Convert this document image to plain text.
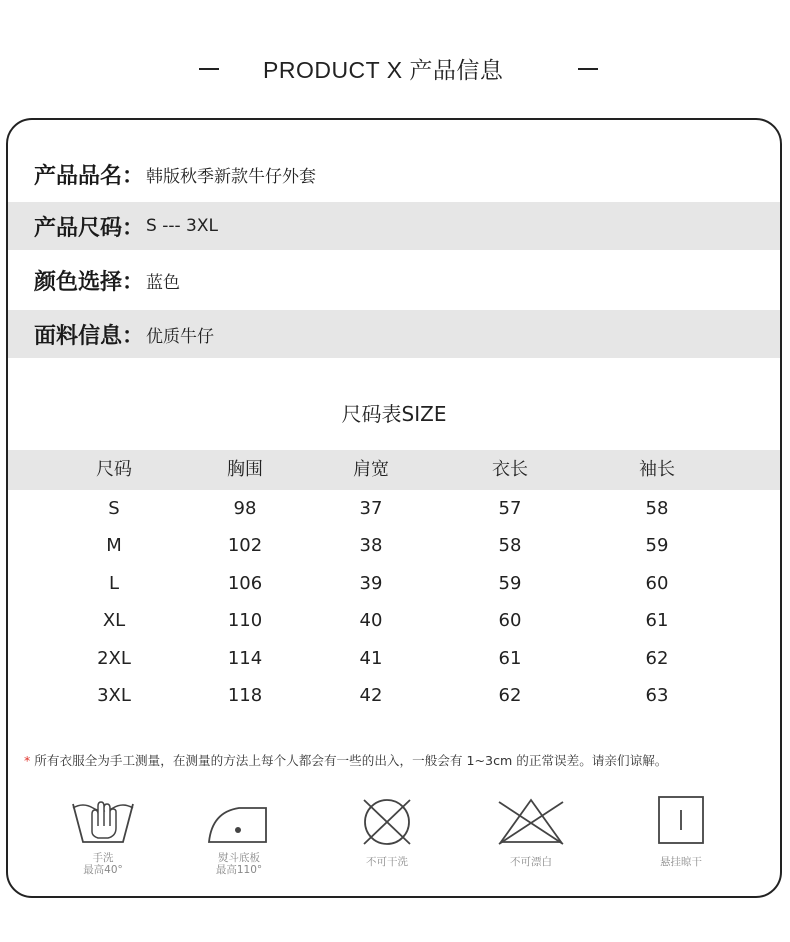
PRODUCT X 产品信息
产品品名： 韩版秋季新款牛仔外套
产品尺码： S --- 3XL
颜色选择： 蓝色
面料信息： 优质牛仔
尺码表SIZE
尺码	胸围	肩宽	衣长	袖长
S	98	37	57	58
M	102	38	58	59
L	106	39	59	60
XL	110	40	60	61
2XL	114	41	61	62
3XL	118	42	62	63
* 所有衣服全为手工测量，在测量的方法上每个人都会有一些的出入，一般会有 1~3cm 的正常误差。请亲们谅解。
手洗
最高40°
熨斗底板
最高110°
不可干洗	不可漂白	悬挂晾干
